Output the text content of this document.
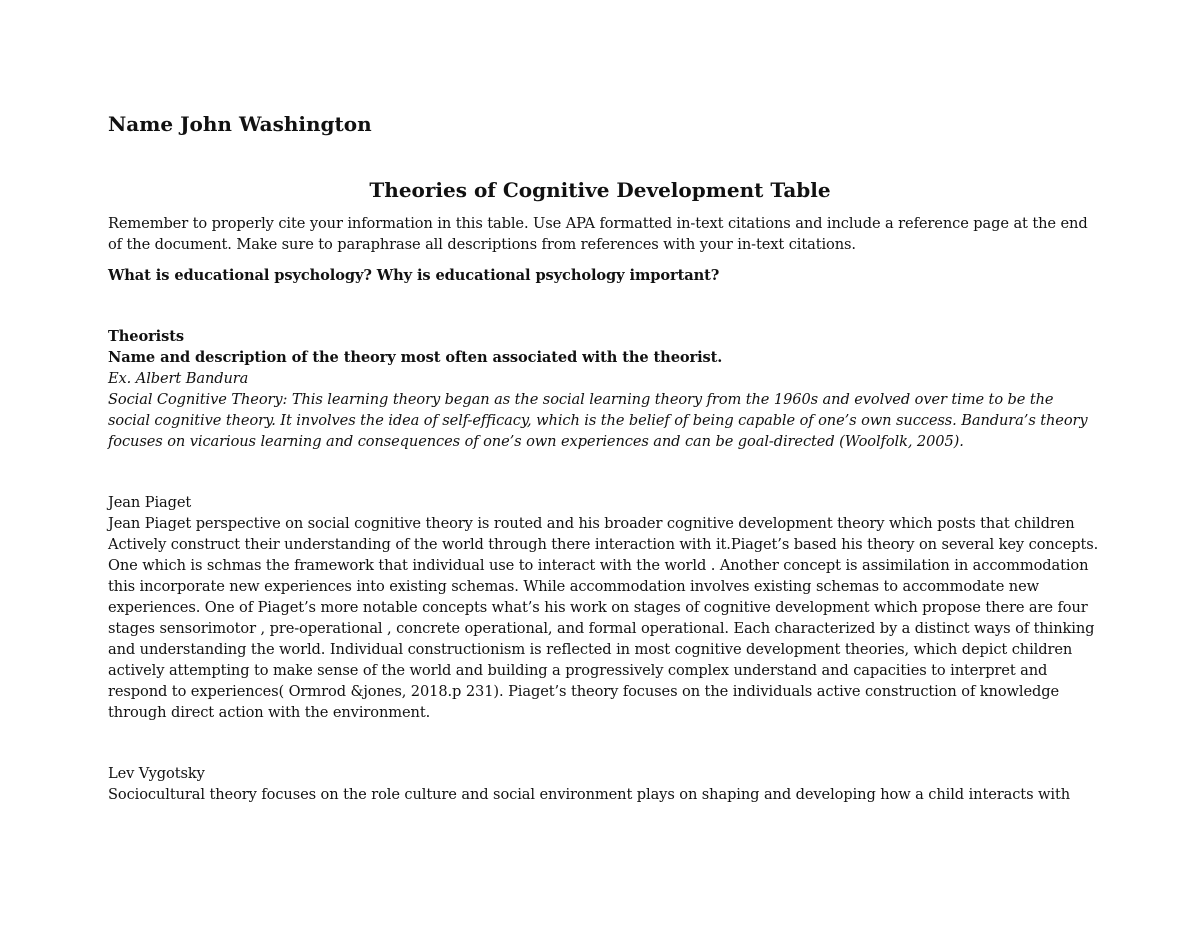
Name John Washington
Theories of Cognitive Development Table
Remember to properly cite your information in this table. Use APA formatted in-text citations and include a reference page at the end
of the document. Make sure to paraphrase all descriptions from references with your in-text citations.
What is educational psychology? Why is educational psychology important?
Theorists
Name and description of the theory most often associated with the theorist.
Ex. Albert Bandura
Social Cognitive Theory: This learning theory began as the social learning theory from the 1960s and evolved over time to be the
social cognitive theory. It involves the idea of self-efficacy, which is the belief of being capable of one’s own success. Bandura’s theory
focuses on vicarious learning and consequences of one’s own experiences and can be goal-directed (Woolfolk, 2005).
Jean Piaget
Jean Piaget perspective on social cognitive theory is routed and his broader cognitive development theory which posts that children
Actively construct their understanding of the world through there interaction with it.Piaget’s based his theory on several key concepts.
One which is schmas the framework that individual use to interact with the world . Another concept is assimilation in accommodation
this incorporate new experiences into existing schemas. While accommodation involves existing schemas to accommodate new
experiences. One of Piaget’s more notable concepts what’s his work on stages of cognitive development which propose there are four
stages sensorimotor , pre-operational , concrete operational, and formal operational. Each characterized by a distinct ways of thinking
and understanding the world. Individual constructionism is reflected in most cognitive development theories, which depict children
actively attempting to make sense of the world and building a progressively complex understand and capacities to interpret and
respond to experiences( Ormrod &jones, 2018.p 231). Piaget’s theory focuses on the individuals active construction of knowledge
through direct action with the environment.
Lev Vygotsky
Sociocultural theory focuses on the role culture and social environment plays on shaping and developing how a child interacts with
